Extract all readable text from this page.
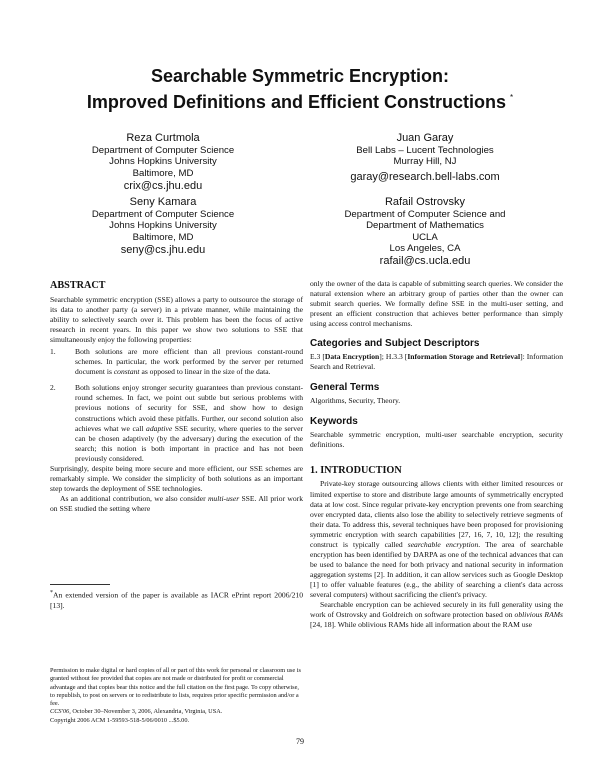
Searchable Symmetric Encryption:
Improved Definitions and Efficient Constructions *
Reza Curtmola
Department of Computer Science
Johns Hopkins University
Baltimore, MD
crix@cs.jhu.edu
Juan Garay
Bell Labs – Lucent Technologies
Murray Hill, NJ
garay@research.bell-labs.com
Seny Kamara
Department of Computer Science
Johns Hopkins University
Baltimore, MD
seny@cs.jhu.edu
Rafail Ostrovsky
Department of Computer Science and
Department of Mathematics
UCLA
Los Angeles, CA
rafail@cs.ucla.edu
ABSTRACT

Searchable symmetric encryption (SSE) allows a party to outsource the storage of its data to another party (a server) in a private manner, while maintaining the ability to selectively search over it. This problem has been the focus of active research in recent years. In this paper we show two solutions to SSE that simultaneously enjoy the following properties:

1.	Both solutions are more efficient than all previous constant-round schemes. In particular, the work performed by the server per returned document is constant as opposed to linear in the size of the data.
2.	Both solutions enjoy stronger security guarantees than previous constant-round schemes. In fact, we point out subtle but serious problems with previous notions of security for SSE, and show how to design constructions which avoid these pitfalls. Further, our second solution also achieves what we call adaptive SSE security, where queries to the server can be chosen adaptively (by the adversary) during the execution of the search; this notion is both important in practice and has not been previously considered.

Surprisingly, despite being more secure and more efficient, our SSE schemes are remarkably simple. We consider the simplicity of both solutions as an important step towards the deployment of SSE technologies.

As an additional contribution, we also consider multi-user SSE. All prior work on SSE studied the setting where

*An extended version of the paper is available as IACR ePrint report 2006/210 [13].
Permission to make digital or hard copies of all or part of this work for personal or classroom use is granted without fee provided that copies are not made or distributed for profit or commercial advantage and that copies bear this notice and the full citation on the first page. To copy otherwise, to republish, to post on servers or to redistribute to lists, requires prior specific permission and/or a fee.
CCS'06, October 30–November 3, 2006, Alexandria, Virginia, USA.
Copyright 2006 ACM 1-59593-518-5/06/0010 ...$5.00.

only the owner of the data is capable of submitting search queries. We consider the natural extension where an arbitrary group of parties other than the owner can submit search queries. We formally define SSE in the multi-user setting, and present an efficient construction that achieves better performance than simply using access control mechanisms.

Categories and Subject Descriptors

E.3 [Data Encryption]; H.3.3 [Information Storage and Retrieval]: Information Search and Retrieval.

General Terms

Algorithms, Security, Theory.

Keywords

Searchable symmetric encryption, multi-user searchable encryption, security definitions.

1. INTRODUCTION

Private-key storage outsourcing allows clients with either limited resources or limited expertise to store and distribute large amounts of symmetrically encrypted data at low cost. Since regular private-key encryption prevents one from searching over encrypted data, clients also lose the ability to selectively retrieve segments of their data. To address this, several techniques have been proposed for provisioning symmetric encryption with search capabilities [27, 16, 7, 10, 12]; the resulting construct is typically called searchable encryption. The area of searchable encryption has been identified by DARPA as one of the technical advances that can be used to balance the need for both privacy and national security in information aggregation systems [2]. In addition, it can allow services such as Google Desktop [1] to offer valuable features (e.g., the ability of searching a client's data across several computers) without sacrificing the client's privacy.

Searchable encryption can be achieved securely in its full generality using the work of Ostrovsky and Goldreich on software protection based on oblivious RAMs [24, 18]. While oblivious RAMs hide all information about the RAM use

79
